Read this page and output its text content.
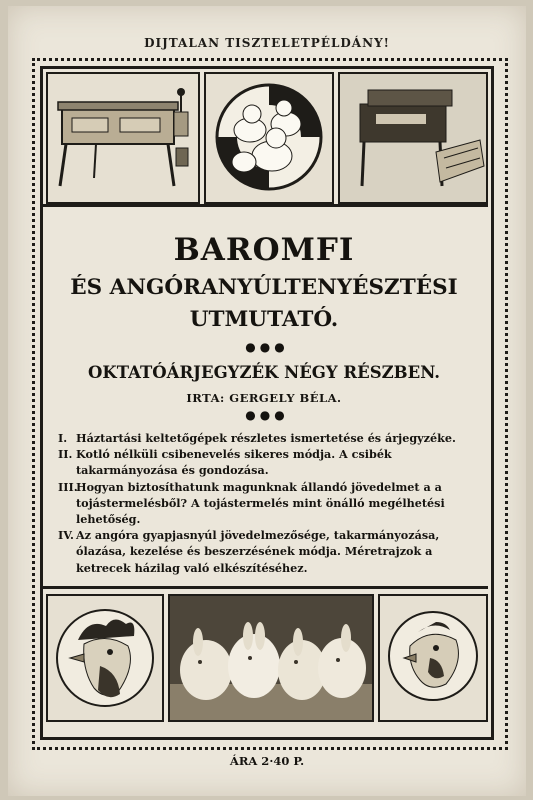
DIJTALAN TISZTELETPÉLDÁNY!
BAROMFI
ÉS ANGÓRANYÚLTENYÉSZTÉSI
UTMUTATÓ.
●●●
OKTATÓÁRJEGYZÉK NÉGY RÉSZBEN.
IRTA: GERGELY BÉLA.
●●●
I. Háztartási keltetőgépek részletes ismertetése és árjegyzéke.
II. Kotló nélküli csibenevelés sikeres módja. A csibék takarmányozása és gondozása.
III.
Hogyan biztosíthatunk magunknak állandó jövedelmet a a tojástermelésből? A tojástermelés mint önálló megélhetési lehetőség.
IV. Az angóra gyapjasnyúl jövedelmezősége, takarmányozása, ólazása, kezelése és beszerzésének módja. Méretrajzok a ketrecek házilag való elkészítéséhez.
ÁRA 2·40 P.
